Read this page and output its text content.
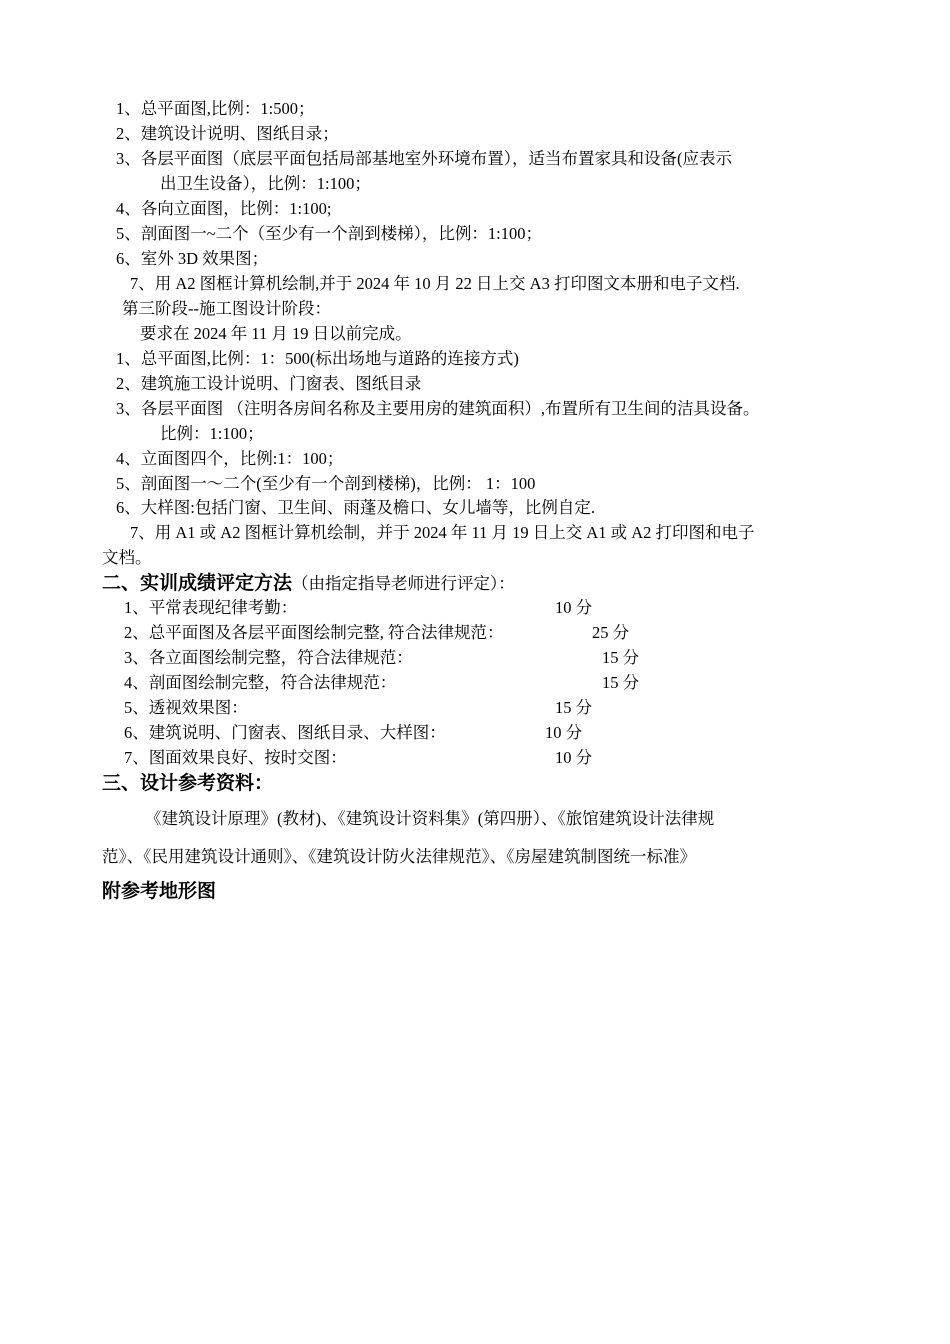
1、总平面图,比例：1:500；
2、建筑设计说明、图纸目录；
3、各层平面图（底层平面包括局部基地室外环境布置），适当布置家具和设备(应表示
出卫生设备），比例：1:100；
4、各向立面图，比例：1:100;
5、剖面图一~二个（至少有一个剖到楼梯），比例：1:100；
6、室外 3D 效果图；
7、用 A2 图框计算机绘制,并于 2024 年 10 月 22 日上交 A3 打印图文本册和电子文档.
第三阶段--施工图设计阶段：
要求在 2024 年 11 月 19 日以前完成。
1、总平面图,比例：1：500(标出场地与道路的连接方式)
2、建筑施工设计说明、门窗表、图纸目录
3、各层平面图 （注明各房间名称及主要用房的建筑面积）,布置所有卫生间的洁具设备。
比例：1:100；
4、立面图四个，比例:1：100；
5、剖面图一～二个(至少有一个剖到楼梯)，比例： 1：100
6、大样图:包括门窗、卫生间、雨蓬及檐口、女儿墙等，比例自定.
7、用 A1 或 A2 图框计算机绘制，并于 2024 年 11 月 19 日上交 A1 或 A2 打印图和电子
文档。
二、实训成绩评定方法（由指定指导老师进行评定）：
1、平常表现纪律考勤：	10 分
2、总平面图及各层平面图绘制完整, 符合法律规范：	25 分
3、各立面图绘制完整，符合法律规范：	15 分
4、剖面图绘制完整，符合法律规范：	15 分
5、透视效果图：	15 分
6、建筑说明、门窗表、图纸目录、大样图：	10 分
7、图面效果良好、按时交图：	10 分
三、设计参考资料：
《建筑设计原理》(教材)、《建筑设计资料集》(第四册）、《旅馆建筑设计法律规
范》、《民用建筑设计通则》、《建筑设计防火法律规范》、《房屋建筑制图统一标准》
附参考地形图
